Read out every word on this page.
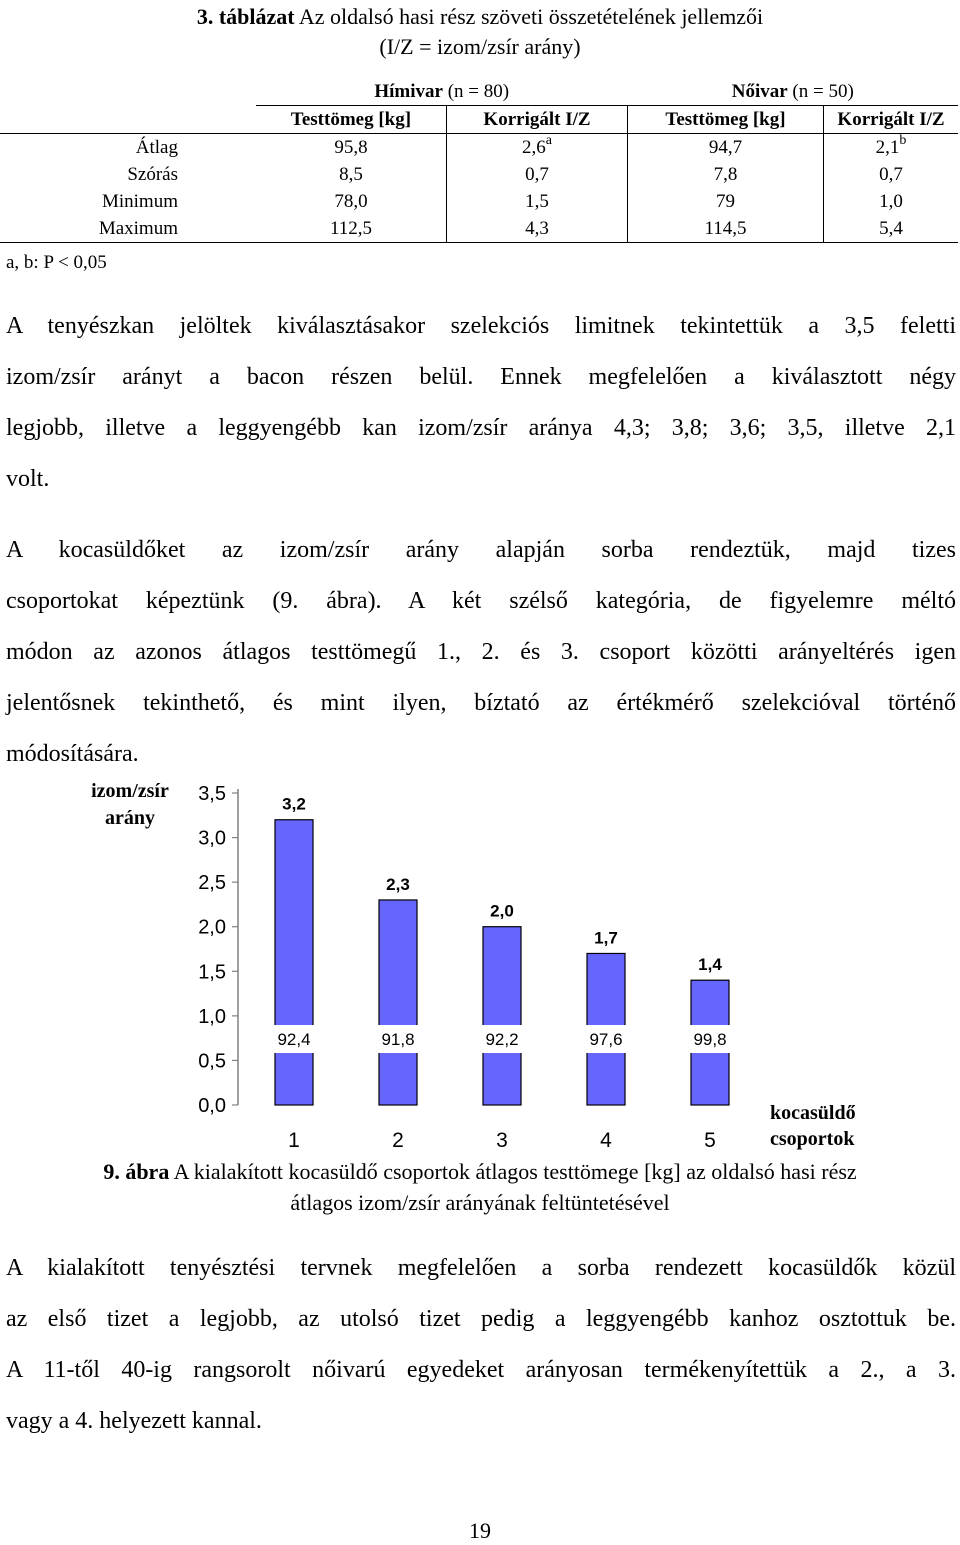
3. táblázat Az oldalsó hasi rész szöveti összetételének jellemzői
(I/Z = izom/zsír arány)
	Hímivar (n = 80)		Nőivar (n = 50)	
	Testtömeg [kg]	Korrigált I/Z	Testtömeg [kg]	Korrigált I/Z
Átlag	95,8	2,6$^a$	94,7	2,1$^b$
Szórás	8,5	0,7	7,8	0,7
Minimum	78,0	1,5	79	1,0
Maximum	112,5	4,3	114,5	5,4
a, b: P < 0,05
A tenyészkan jelöltek kiválasztásakor szelekciós limitnek tekintettük a 3,5 feletti
izom/zsír arányt a bacon részen belül. Ennek megfelelően a kiválasztott négy
legjobb, illetve a leggyengébb kan izom/zsír aránya 4,3; 3,8; 3,6; 3,5, illetve 2,1
volt.
A kocasüldőket az izom/zsír arány alapján sorba rendeztük, majd tizes
csoportokat képeztünk (9. ábra). A két szélső kategória, de figyelemre méltó
módon az azonos átlagos testtömegű 1., 2. és 3. csoport közötti arányeltérés igen
jelentősnek tekinthető, és mint ilyen, bíztató az értékmérő szelekcióval történő
módosítására.
izom/zsír arány
0,0
0,5
1,0
1,5
2,0
2,5
3,0
3,5	3,2
92,4
1
2,3
91,8
2
2,0
92,2
3
1,7
97,6
4
1,4
99,8
5
kocasüldő csoportok
9. ábra A kialakított kocasüldő csoportok átlagos testtömege [kg] az oldalsó hasi rész
átlagos izom/zsír arányának feltüntetésével
A kialakított tenyésztési tervnek megfelelően a sorba rendezett kocasüldők közül
az első tizet a legjobb, az utolsó tizet pedig a leggyengébb kanhoz osztottuk be.
A 11-től 40-ig rangsorolt nőivarú egyedeket arányosan termékenyítettük a 2., a 3.
vagy a 4. helyezett kannal.
19
